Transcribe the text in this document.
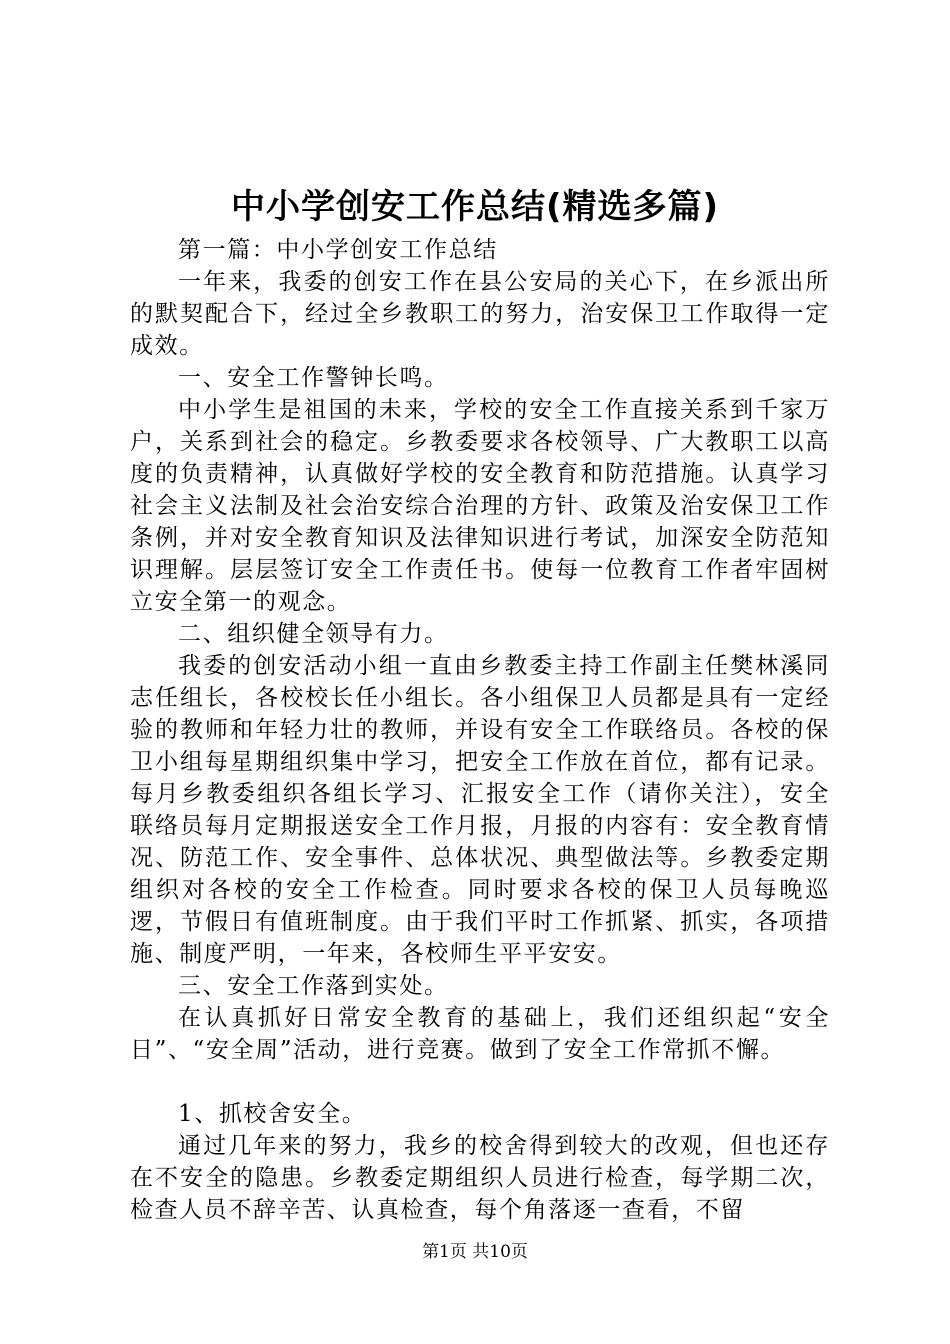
中小学创安工作总结(精选多篇)

第一篇：中小学创安工作总结

一年来，我委的创安工作在县公安局的关心下，在乡派出所的默契配合下，经过全乡教职工的努力，治安保卫工作取得一定成效。

一、安全工作警钟长鸣。

中小学生是祖国的未来，学校的安全工作直接关系到千家万户，关系到社会的稳定。乡教委要求各校领导、广大教职工以高度的负责精神，认真做好学校的安全教育和防范措施。认真学习社会主义法制及社会治安综合治理的方针、政策及治安保卫工作条例，并对安全教育知识及法律知识进行考试，加深安全防范知识理解。层层签订安全工作责任书。使每一位教育工作者牢固树立安全第一的观念。

二、组织健全领导有力。

我委的创安活动小组一直由乡教委主持工作副主任樊林溪同志任组长，各校校长任小组长。各小组保卫人员都是具有一定经验的教师和年轻力壮的教师，并设有安全工作联络员。各校的保卫小组每星期组织集中学习，把安全工作放在首位，都有记录。每月乡教委组织各组长学习、汇报安全工作（请你关注），安全联络员每月定期报送安全工作月报，月报的内容有：安全教育情况、防范工作、安全事件、总体状况、典型做法等。乡教委定期组织对各校的安全工作检查。同时要求各校的保卫人员每晚巡逻，节假日有值班制度。由于我们平时工作抓紧、抓实，各项措施、制度严明，一年来，各校师生平平安安。

三、安全工作落到实处。

在认真抓好日常安全教育的基础上，我们还组织起“安全日”、“安全周”活动，进行竞赛。做到了安全工作常抓不懈。

1、抓校舍安全。

通过几年来的努力，我乡的校舍得到较大的改观，但也还存在不安全的隐患。乡教委定期组织人员进行检查，每学期二次，检查人员不辞辛苦、认真检查，每个角落逐一查看，不留

第1页 共10页
